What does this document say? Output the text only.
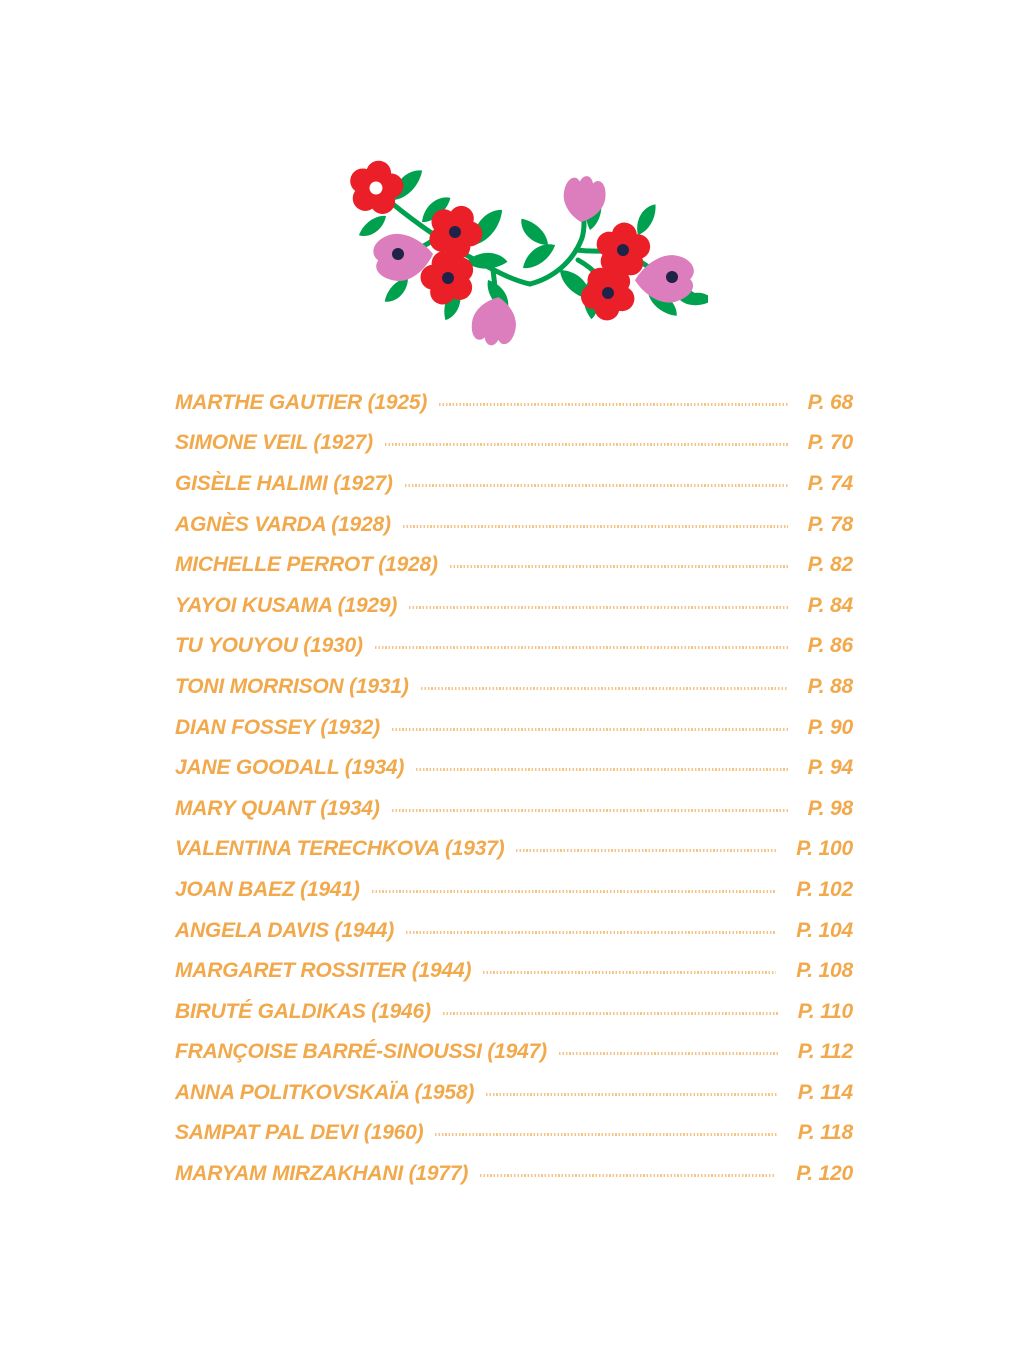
MARTHE GAUTIER (1925)	P. 68
SIMONE VEIL (1927)	P. 70
GISÈLE HALIMI (1927)	P. 74
AGNÈS VARDA (1928)	P. 78
MICHELLE PERROT (1928)	P. 82
YAYOI KUSAMA (1929)	P. 84
TU YOUYOU (1930)	P. 86
TONI MORRISON (1931)	P. 88
DIAN FOSSEY (1932)	P. 90
JANE GOODALL (1934)	P. 94
MARY QUANT (1934)	P. 98
VALENTINA TERECHKOVA (1937)	P. 100
JOAN BAEZ (1941)	P. 102
ANGELA DAVIS (1944)	P. 104
MARGARET ROSSITER (1944)	P. 108
BIRUTÉ GALDIKAS (1946)	P. 110
FRANÇOISE BARRÉ-SINOUSSI (1947)	P. 112
ANNA POLITKOVSKAÏA (1958)	P. 114
SAMPAT PAL DEVI (1960)	P. 118
MARYAM MIRZAKHANI (1977)	P. 120
